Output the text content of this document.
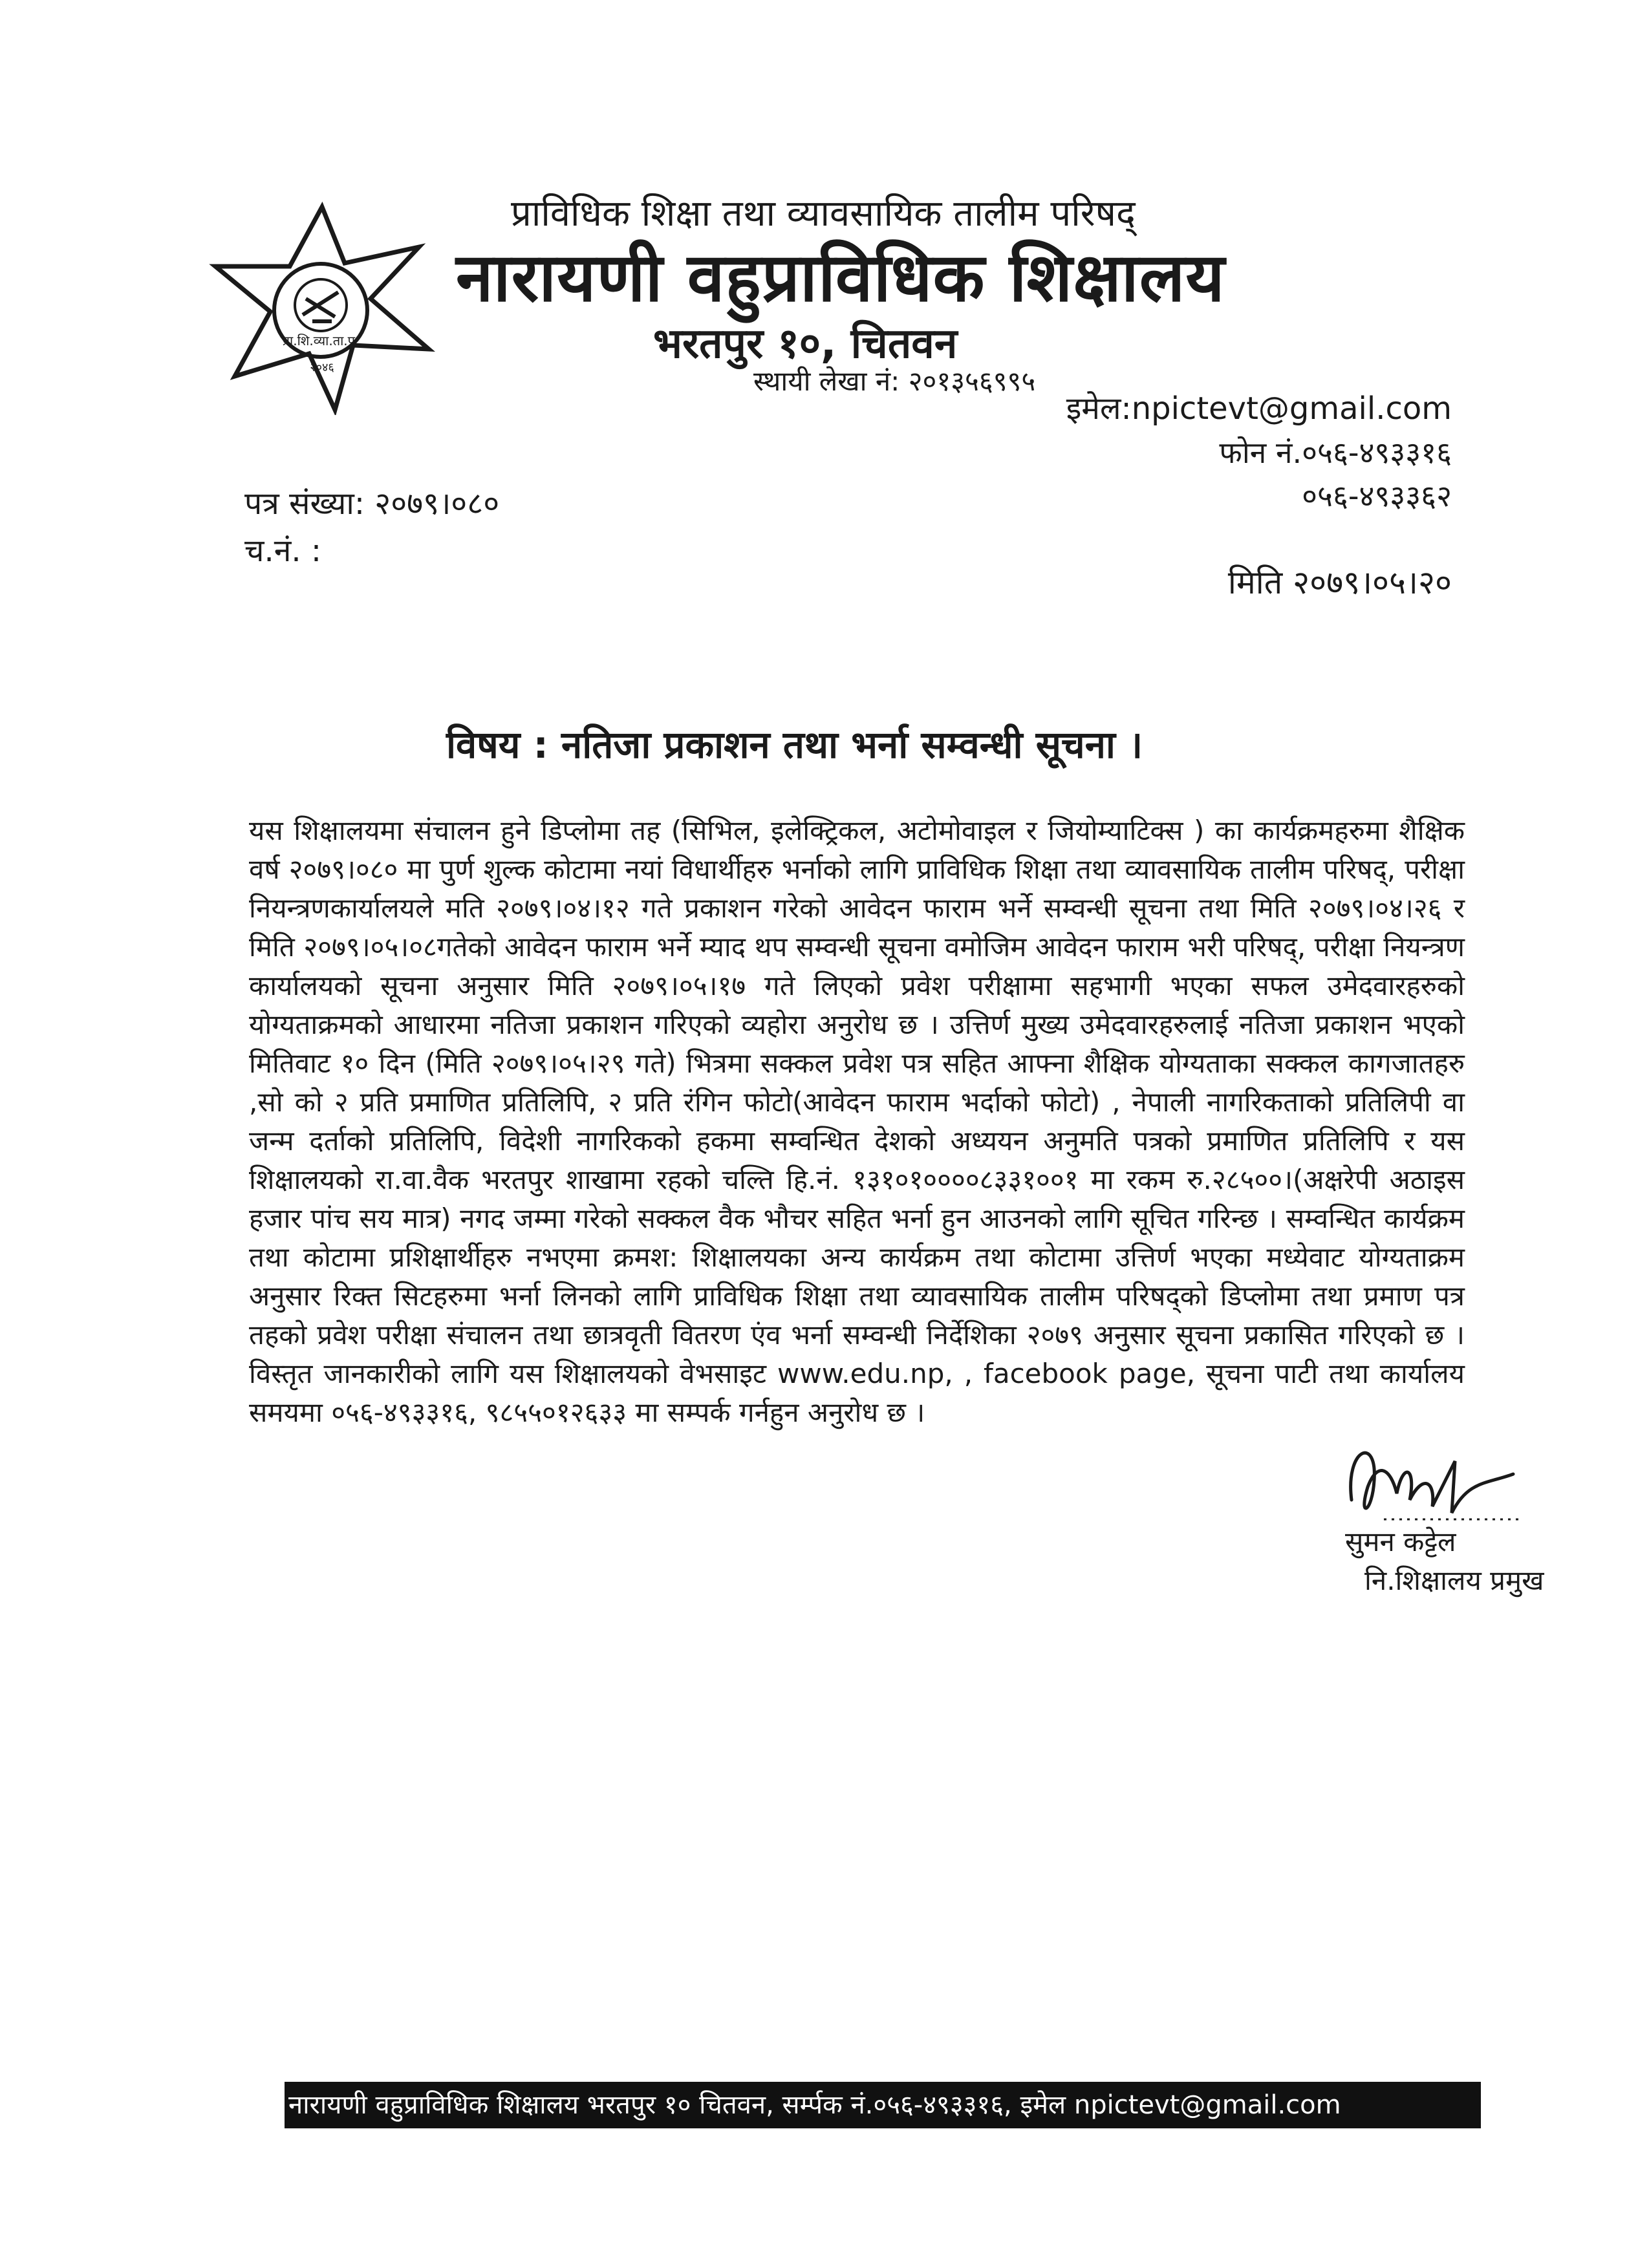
प्रा.शि.व्या.ता.प.
२०४६
प्राविधिक शिक्षा तथा व्यावसायिक तालीम परिषद्
नारायणी वहुप्राविधिक शिक्षालय
भरतपुर १०, चितवन
स्थायी लेखा नं: २०१३५६९९५
इमेल:npictevt@gmail.com
फोन नं.०५६-४९३३१६
०५६-४९३३६२
पत्र संख्या: २०७९।०८०
च.नं. :
मिति २०७९।०५।२०
विषय : नतिजा प्रकाशन तथा भर्ना सम्वन्धी सूचना ।
यस शिक्षालयमा संचालन हुने डिप्लोमा तह (सिभिल, इलेक्ट्रिकल, अटोमोवाइल र जियोम्याटिक्स ) का कार्यक्रमहरुमा शैक्षिक वर्ष २०७९।०८० मा पुर्ण शुल्क कोटामा नयां विधार्थीहरु भर्नाको लागि प्राविधिक शिक्षा तथा व्यावसायिक तालीम परिषद्, परीक्षा नियन्त्रणकार्यालयले मति २०७९।०४।१२ गते प्रकाशन गरेको आवेदन फाराम भर्ने सम्वन्धी सूचना तथा मिति २०७९।०४।२६ र मिति २०७९।०५।०८गतेको आवेदन फाराम भर्ने म्याद थप सम्वन्धी सूचना वमोजिम आवेदन फाराम भरी परिषद्, परीक्षा नियन्त्रण कार्यालयको सूचना अनुसार मिति २०७९।०५।१७ गते लिएको प्रवेश परीक्षामा सहभागी भएका सफल उमेदवारहरुको योग्यताक्रमको आधारमा नतिजा प्रकाशन गरिएको व्यहोरा अनुरोध छ । उत्तिर्ण मुख्य उमेदवारहरुलाई नतिजा प्रकाशन भएको मितिवाट १० दिन (मिति २०७९।०५।२९ गते) भित्रमा सक्कल प्रवेश पत्र सहित आफ्ना शैक्षिक योग्यताका सक्कल कागजातहरु ,सो को २ प्रति प्रमाणित प्रतिलिपि, २ प्रति रंगिन फोटो(आवेदन फाराम भर्दाको फोटो) , नेपाली नागरिकताको प्रतिलिपी वा जन्म दर्ताको प्रतिलिपि, विदेशी नागरिकको हकमा सम्वन्धित देशको अध्ययन अनुमति पत्रको प्रमाणित प्रतिलिपि र यस शिक्षालयको रा.वा.वैक भरतपुर शाखामा रहको चल्ति हि.नं. १३१०१००००८३३१००१ मा रकम रु.२८५००।(अक्षरेपी अठाइस हजार पांच सय मात्र) नगद जम्मा गरेको सक्कल वैक भौचर सहित भर्ना हुन आउनको लागि सूचित गरिन्छ । सम्वन्धित कार्यक्रम तथा कोटामा प्रशिक्षार्थीहरु नभएमा क्रमश: शिक्षालयका अन्य कार्यक्रम तथा कोटामा उत्तिर्ण भएका मध्येवाट योग्यताक्रम अनुसार रिक्त सिटहरुमा भर्ना लिनको लागि प्राविधिक शिक्षा तथा व्यावसायिक तालीम परिषद्को डिप्लोमा तथा प्रमाण पत्र तहको प्रवेश परीक्षा संचालन तथा छात्रवृती वितरण एंव भर्ना सम्वन्धी निर्देशिका २०७९ अनुसार सूचना प्रकासित गरिएको छ । विस्तृत जानकारीको लागि यस शिक्षालयको वेभसाइट www.edu.np, , facebook page, सूचना पाटी तथा कार्यालय समयमा ०५६-४९३३१६, ९८५५०१२६३३ मा सम्पर्क गर्नहुन अनुरोध छ ।
सुमन कट्टेल
नि.शिक्षालय प्रमुख
नारायणी वहुप्राविधिक शिक्षालय भरतपुर १० चितवन, सर्म्पक नं.०५६-४९३३१६, इमेल npictevt@gmail.com
